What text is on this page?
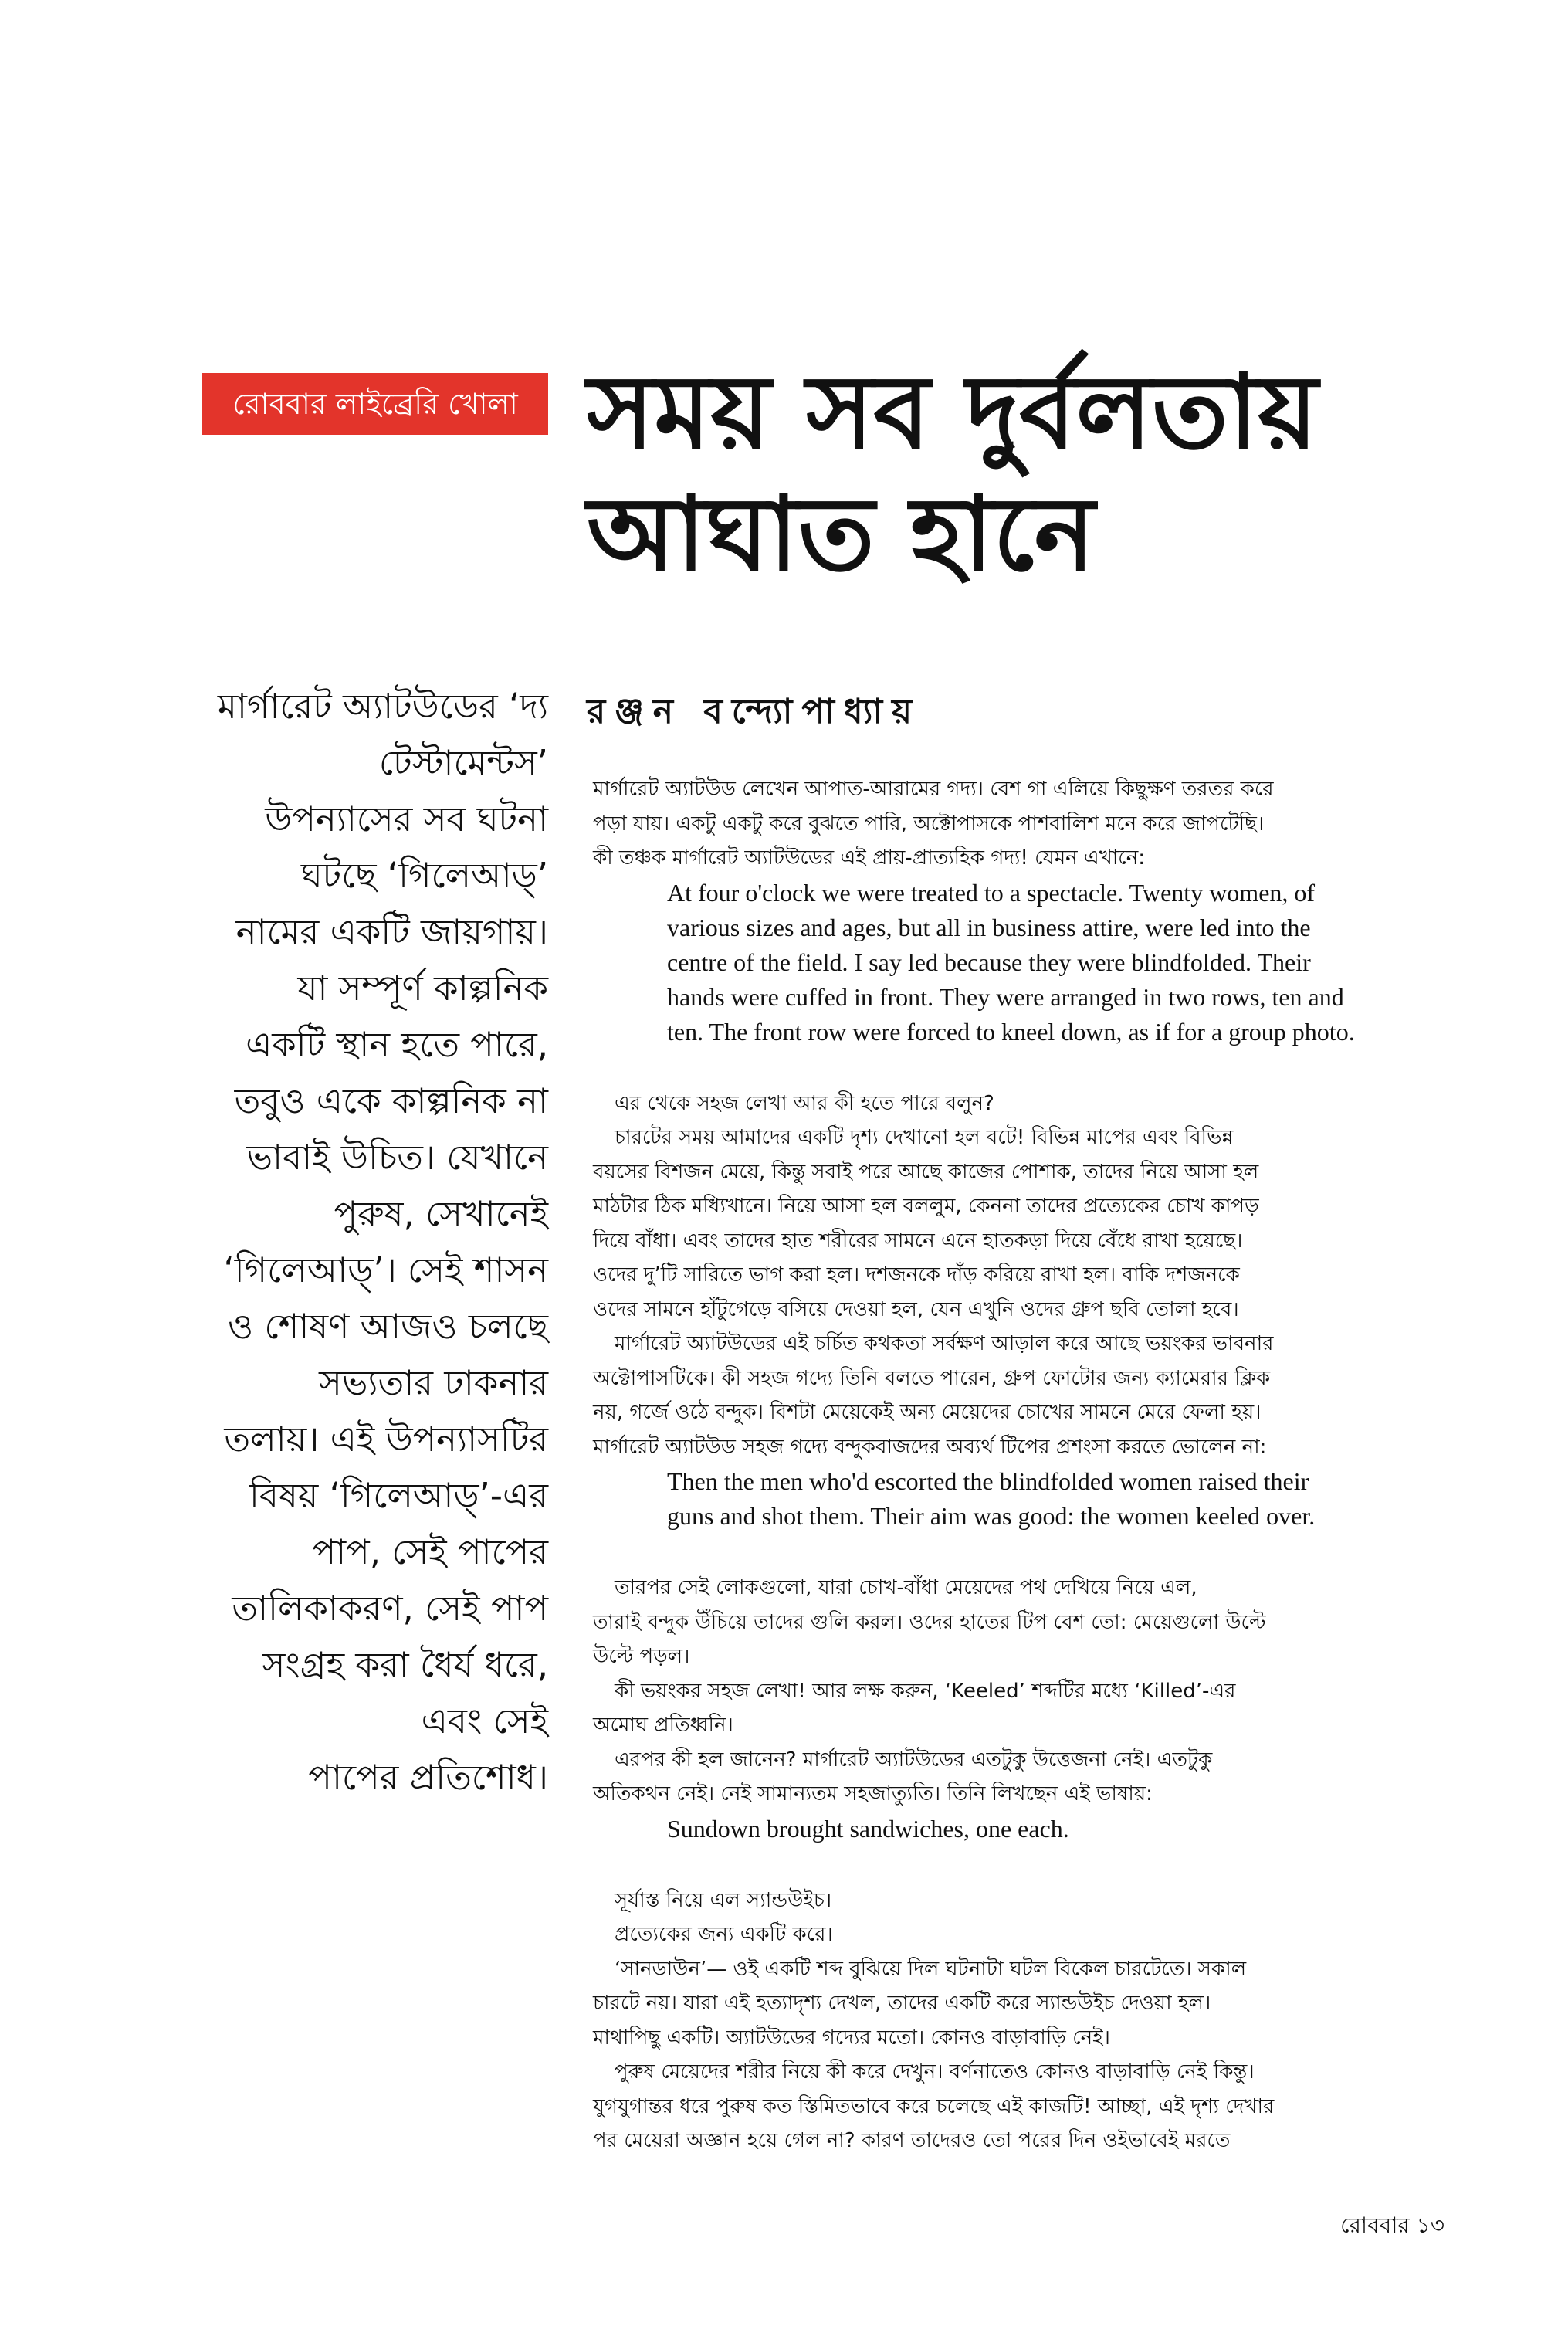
রোববার লাইব্রেরি খোলা সময় সব দুর্বলতায়
আঘাত হানে
মার্গারেট অ্যাটউডের ‘দ্য
টেস্টামেন্টস’
উপন্যাসের সব ঘটনা
ঘটছে ‘গিলেআড্’
নামের একটি জায়গায়।
যা সম্পূর্ণ কাল্পনিক
একটি স্থান হতে পারে,
তবুও একে কাল্পনিক না
ভাবাই উচিত। যেখানে
পুরুষ, সেখানেই
‘গিলেআড্’। সেই শাসন
ও শোষণ আজও চলছে
সভ্যতার ঢাকনার
তলায়। এই উপন্যাসটির
বিষয় ‘গিলেআড্’-এর
পাপ, সেই পাপের
তালিকাকরণ, সেই পাপ
সংগ্রহ করা ধৈর্য ধরে,
এবং সেই
পাপের প্রতিশোধ।
রঞ্জন বন্দ্যোপাধ্যায়
মার্গারেট অ্যাটউড লেখেন আপাত-আরামের গদ্য। বেশ গা এলিয়ে কিছুক্ষণ তরতর করে
পড়া যায়। একটু একটু করে বুঝতে পারি, অক্টোপাসকে পাশবালিশ মনে করে জাপটেছি।
কী তঞ্চক মার্গারেট অ্যাটউডের এই প্রায়-প্রাত্যহিক গদ্য! যেমন এখানে:
At four o'clock we were treated to a spectacle. Twenty women, of
various sizes and ages, but all in business attire, were led into the
centre of the field. I say led because they were blindfolded. Their
hands were cuffed in front. They were arranged in two rows, ten and
ten. The front row were forced to kneel down, as if for a group photo.
এর থেকে সহজ লেখা আর কী হতে পারে বলুন?
চারটের সময় আমাদের একটি দৃশ্য দেখানো হল বটে! বিভিন্ন মাপের এবং বিভিন্ন
বয়সের বিশজন মেয়ে, কিন্তু সবাই পরে আছে কাজের পোশাক, তাদের নিয়ে আসা হল
মাঠটার ঠিক মধ্যিখানে। নিয়ে আসা হল বললুম, কেননা তাদের প্রত্যেকের চোখ কাপড়
দিয়ে বাঁধা। এবং তাদের হাত শরীরের সামনে এনে হাতকড়া দিয়ে বেঁধে রাখা হয়েছে।
ওদের দু’টি সারিতে ভাগ করা হল। দশজনকে দাঁড় করিয়ে রাখা হল। বাকি দশজনকে
ওদের সামনে হাঁটুগেড়ে বসিয়ে দেওয়া হল, যেন এখুনি ওদের গ্রুপ ছবি তোলা হবে।
মার্গারেট অ্যাটউডের এই চর্চিত কথকতা সর্বক্ষণ আড়াল করে আছে ভয়ংকর ভাবনার
অক্টোপাসটিকে। কী সহজ গদ্যে তিনি বলতে পারেন, গ্রুপ ফোটোর জন্য ক্যামেরার ক্লিক
নয়, গর্জে ওঠে বন্দুক। বিশটা মেয়েকেই অন্য মেয়েদের চোখের সামনে মেরে ফেলা হয়।
মার্গারেট অ্যাটউড সহজ গদ্যে বন্দুকবাজদের অব্যর্থ টিপের প্রশংসা করতে ভোলেন না:
Then the men who'd escorted the blindfolded women raised their
guns and shot them. Their aim was good: the women keeled over.
তারপর সেই লোকগুলো, যারা চোখ-বাঁধা মেয়েদের পথ দেখিয়ে নিয়ে এল,
তারাই বন্দুক উঁচিয়ে তাদের গুলি করল। ওদের হাতের টিপ বেশ তো: মেয়েগুলো উল্টে
উল্টে পড়ল।
কী ভয়ংকর সহজ লেখা! আর লক্ষ করুন, ‘Keeled’ শব্দটির মধ্যে ‘Killed’-এর
অমোঘ প্রতিধ্বনি।
এরপর কী হল জানেন? মার্গারেট অ্যাটউডের এতটুকু উত্তেজনা নেই। এতটুকু
অতিকথন নেই। নেই সামান্যতম সহজাত্যুতি। তিনি লিখছেন এই ভাষায়:
Sundown brought sandwiches, one each.
সূর্যাস্ত নিয়ে এল স্যান্ডউইচ।
প্রত্যেকের জন্য একটি করে।
‘সানডাউন’— ওই একটি শব্দ বুঝিয়ে দিল ঘটনাটা ঘটল বিকেল চারটেতে। সকাল
চারটে নয়। যারা এই হত্যাদৃশ্য দেখল, তাদের একটি করে স্যান্ডউইচ দেওয়া হল।
মাথাপিছু একটি। অ্যাটউডের গদ্যের মতো। কোনও বাড়াবাড়ি নেই।
পুরুষ মেয়েদের শরীর নিয়ে কী করে দেখুন। বর্ণনাতেও কোনও বাড়াবাড়ি নেই কিন্তু।
যুগযুগান্তর ধরে পুরুষ কত স্তিমিতভাবে করে চলেছে এই কাজটি! আচ্ছা, এই দৃশ্য দেখার
পর মেয়েরা অজ্ঞান হয়ে গেল না? কারণ তাদেরও তো পরের দিন ওইভাবেই মরতে
রোববার ১৩
